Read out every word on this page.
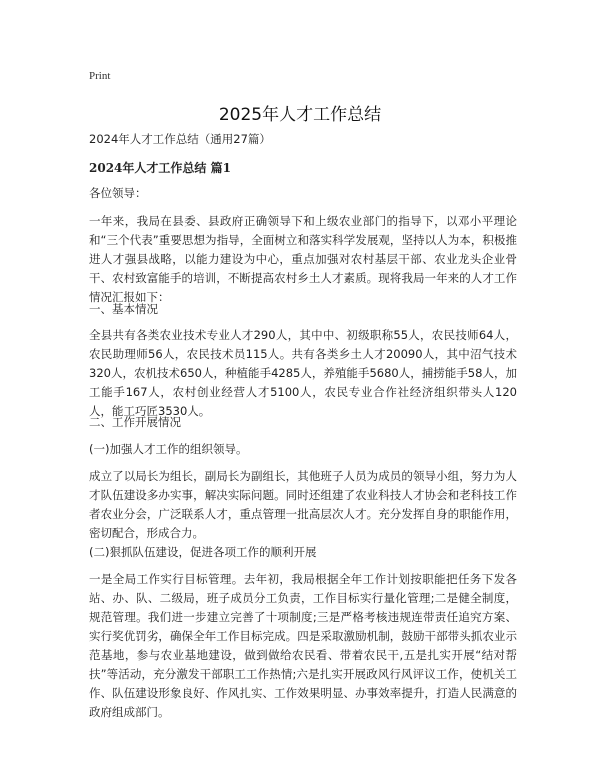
Print
2025年人才工作总结
2024年人才工作总结（通用27篇）
2024年人才工作总结 篇1
各位领导：
一年来，我局在县委、县政府正确领导下和上级农业部门的指导下，以邓小平理论和“三个代表”重要思想为指导，全面树立和落实科学发展观，坚持以人为本，积极推进人才强县战略，以能力建设为中心，重点加强对农村基层干部、农业龙头企业骨干、农村致富能手的培训，不断提高农村乡土人才素质。现将我局一年来的人才工作情况汇报如下：
一、基本情况
全县共有各类农业技术专业人才290人，其中中、初级职称55人，农民技师64人，农民助理师56人，农民技术员115人。共有各类乡土人才20090人，其中沼气技术320人，农机技术650人，种植能手4285人，养殖能手5680人，捕捞能手58人，加工能手167人，农村创业经营人才5100人，农民专业合作社经济组织带头人120人，能工巧匠3530人。
二、工作开展情况
(一)加强人才工作的组织领导。
成立了以局长为组长，副局长为副组长，其他班子人员为成员的领导小组，努力为人才队伍建设多办实事，解决实际问题。同时还组建了农业科技人才协会和老科技工作者农业分会，广泛联系人才，重点管理一批高层次人才。充分发挥自身的职能作用，密切配合，形成合力。
(二)狠抓队伍建设，促进各项工作的顺利开展
一是全局工作实行目标管理。去年初，我局根据全年工作计划按职能把任务下发各站、办、队、二级局，班子成员分工负责，工作目标实行量化管理;二是健全制度，规范管理。我们进一步建立完善了十项制度;三是严格考核违规连带责任追究方案、实行奖优罚劣，确保全年工作目标完成。四是采取激励机制，鼓励干部带头抓农业示范基地，参与农业基地建设，做到做给农民看、带着农民干,五是扎实开展“结对帮扶”等活动，充分激发干部职工工作热情;六是扎实开展政风行风评议工作，使机关工作、队伍建设形象良好、作风扎实、工作效果明显、办事效率提升，打造人民满意的政府组成部门。
